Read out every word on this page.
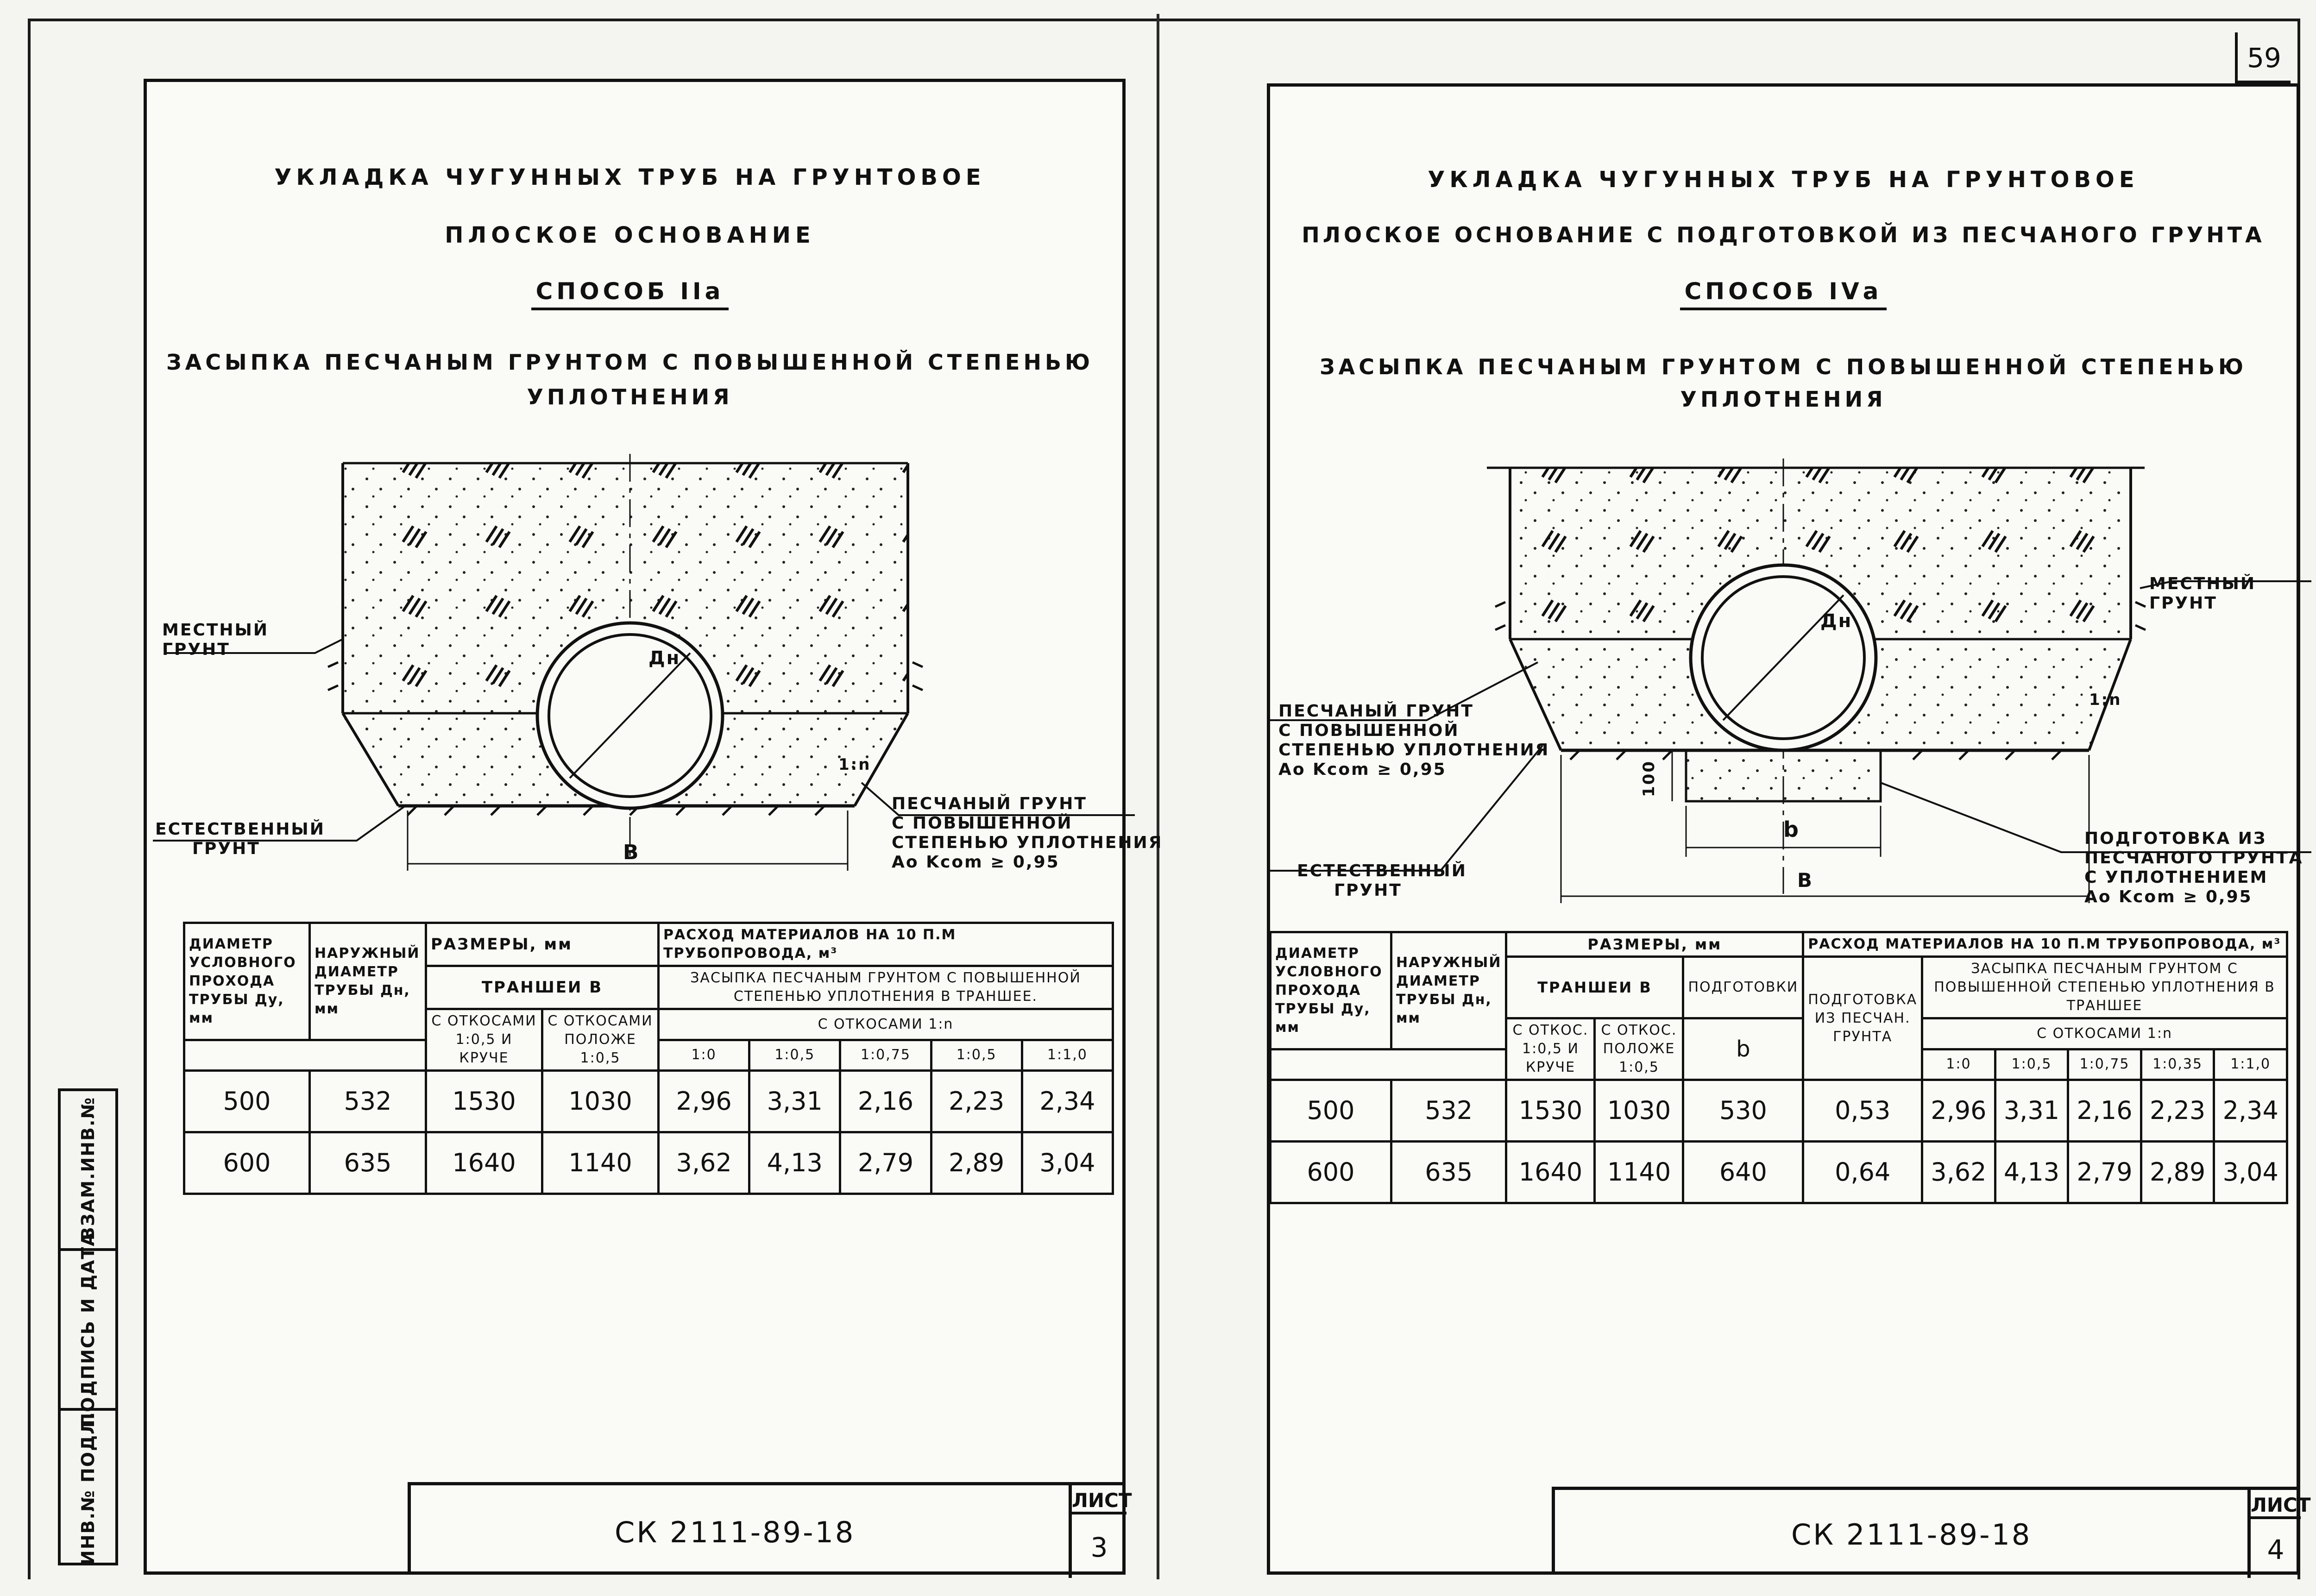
59
УКЛАДКА ЧУГУННЫХ ТРУБ НА ГРУНТОВОЕ
ПЛОСКОЕ ОСНОВАНИЕ
СПОСОБ IIа
ЗАСЫПКА ПЕСЧАНЫМ ГРУНТОМ С ПОВЫШЕННОЙ СТЕПЕНЬЮ
УПЛОТНЕНИЯ
МЕСТНЫЙ
ГРУНТ
ЕСТЕСТВЕННЫЙ
ГРУНТ
ПЕСЧАНЫЙ ГРУНТ
С ПОВЫШЕННОЙ
СТЕПЕНЬЮ УПЛОТНЕНИЯ
Ао Kcom ≥ 0,95
В
Дн
1:n
ДИАМЕТР УСЛОВНОГО ПРОХОДА ТРУБЫ Ду, мм	НАРУЖНЫЙ ДИАМЕТР ТРУБЫ Дн, мм	РАЗМЕРЫ, мм		РАСХОД МАТЕРИАЛОВ НА 10 П.М ТРУБОПРОВОДА, м³				
		ТРАНШЕИ В		ЗАСЫПКА ПЕСЧАНЫМ ГРУНТОМ С ПОВЫШЕННОЙ СТЕПЕНЬЮ УПЛОТНЕНИЯ В ТРАНШЕЕ.				
		С ОТКОСАМИ 1:0,5 И КРУЧЕ	С ОТКОСАМИ ПОЛОЖЕ 1:0,5	С ОТКОСАМИ 1:n				
				1:0	1:0,5	1:0,75	1:0,5	1:1,0
500	532	1530	1030	2,96	3,31	2,16	2,23	2,34
600	635	1640	1140	3,62	4,13	2,79	2,89	3,04
СК 2111-89-18
ЛИСТ
3
ВЗАМ.ИНВ.№
ПОДПИСЬ И ДАТА
ИНВ.№ ПОДЛ.
УКЛАДКА ЧУГУННЫХ ТРУБ НА ГРУНТОВОЕ
ПЛОСКОЕ ОСНОВАНИЕ С ПОДГОТОВКОЙ ИЗ ПЕСЧАНОГО ГРУНТА
СПОСОБ IVа
ЗАСЫПКА ПЕСЧАНЫМ ГРУНТОМ С ПОВЫШЕННОЙ СТЕПЕНЬЮ
УПЛОТНЕНИЯ
МЕСТНЫЙ
ГРУНТ
ПЕСЧАНЫЙ ГРУНТ
С ПОВЫШЕННОЙ
СТЕПЕНЬЮ УПЛОТНЕНИЯ
Ао Kcom ≥ 0,95
ЕСТЕСТВЕННЫЙ
ГРУНТ
ПОДГОТОВКА ИЗ
ПЕСЧАНОГО ГРУНТА
С УПЛОТНЕНИЕМ
Ао Kcom ≥ 0,95
100
b
В
Дн
1:n
ДИАМЕТР УСЛОВНОГО ПРОХОДА ТРУБЫ Ду, мм	НАРУЖНЫЙ ДИАМЕТР ТРУБЫ Дн, мм	РАЗМЕРЫ, мм			РАСХОД МАТЕРИАЛОВ НА 10 П.М ТРУБОПРОВОДА, м³					
		ТРАНШЕИ В		ПОДГОТОВКИ	ПОДГОТОВКА ИЗ ПЕСЧАН. ГРУНТА	ЗАСЫПКА ПЕСЧАНЫМ ГРУНТОМ С ПОВЫШЕННОЙ СТЕПЕНЬЮ УПЛОТНЕНИЯ В ТРАНШЕЕ				
		С ОТКОС. 1:0,5 И КРУЧЕ	С ОТКОС. ПОЛОЖЕ 1:0,5	b		С ОТКОСАМИ 1:n				
						1:0	1:0,5	1:0,75	1:0,35	1:1,0
500	532	1530	1030	530	0,53	2,96	3,31	2,16	2,23	2,34
600	635	1640	1140	640	0,64	3,62	4,13	2,79	2,89	3,04
СК 2111-89-18
ЛИСТ
4
